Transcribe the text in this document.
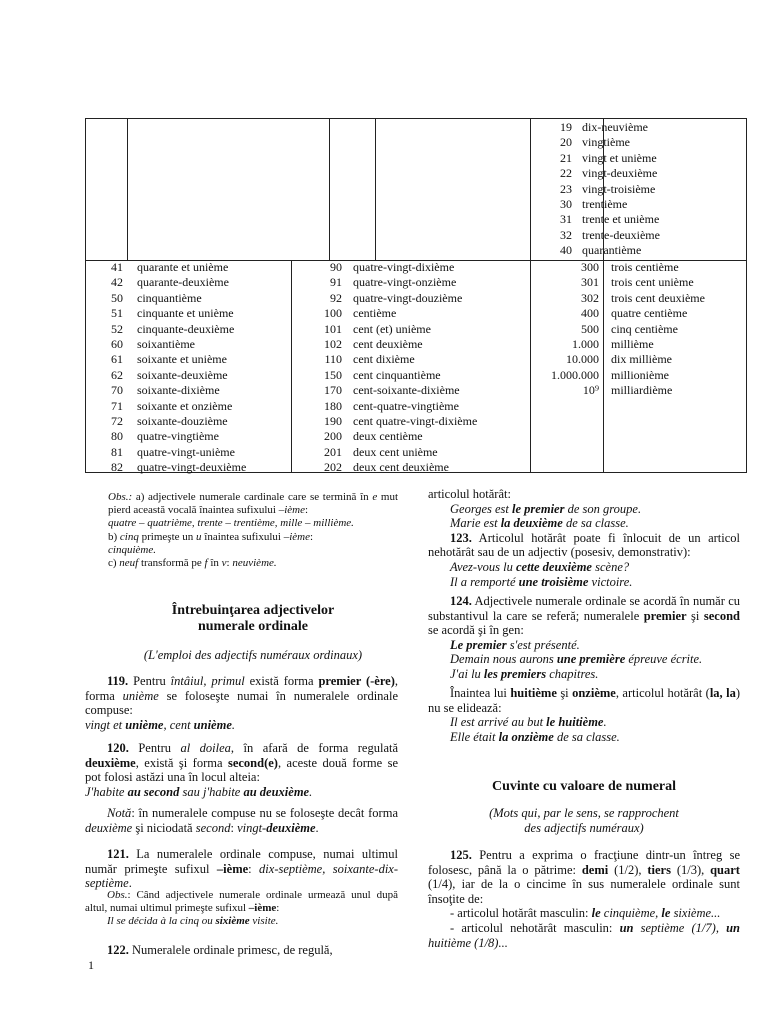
19
20
21
22
23
30
31
32
40
dix-neuvième
vingtième
vingt et unième
vingt-deuxième
vingt-troisième
trentième
trente et unième
trente-deuxième
quarantième
41
42
50
51
52
60
61
62
70
71
72
80
81
82
quarante et unième
quarante-deuxième
cinquantième
cinquante et unième
cinquante-deuxième
soixantième
soixante et unième
soixante-deuxième
soixante-dixième
soixante et onzième
soixante-douzième
quatre-vingtième
quatre-vingt-unième
quatre-vingt-deuxième
90
91
92
100
101
102
110
150
170
180
190
200
201
202
quatre-vingt-dixième
quatre-vingt-onzième
quatre-vingt-douzième
centième
cent (et) unième
cent deuxième
cent dixième
cent cinquantième
cent-soixante-dixième
cent-quatre-vingtième
cent quatre-vingt-dixième
deux centième
deux cent unième
deux cent deuxième
300
301
302
400
500
1.000
10.000
1.000.000
10⁹
trois centième
trois cent unième
trois cent deuxième
quatre centième
cinq centième
millième
dix millième
millionième
milliardième

Obs.: a) adjectivele numerale cardinale care se termină în e mut pierd această vocală înaintea sufixului –ième:

quatre – quatrième, trente – trentième, mille – millième.

b) cinq primeşte un u înaintea sufixului –ième:

cinquième.

c) neuf transformă pe f în v: neuvième.

Întrebuinţarea adjectivelor
numerale ordinale
(L'emploi des adjectifs numéraux ordinaux)

119. Pentru întâiul, primul există forma premier (-ère), forma unième se foloseşte numai în numeralele ordinale compuse:

vingt et unième, cent unième.

120. Pentru al doilea, în afară de forma regulată deuxième, există şi forma second(e), aceste două forme se pot folosi astăzi una în locul alteia:

J'habite au second sau j'habite au deuxième.

Notă: în numeralele compuse nu se foloseşte decât forma deuxième şi niciodată second: vingt-deuxième.

121. La numeralele ordinale compuse, numai ultimul număr primeşte sufixul –ième: dix-septième, soixante-dix-septième.

Obs.: Când adjectivele numerale ordinale urmează unul după altul, numai ultimul primeşte sufixul –ième:

Il se décida à la cinq ou sixième visite.

122. Numeralele ordinale primesc, de regulă,

1

articolul hotărât:

Georges est le premier de son groupe.

Marie est la deuxième de sa classe.

123. Articolul hotărât poate fi înlocuit de un articol nehotărât sau de un adjectiv (posesiv, demonstrativ):

Avez-vous lu cette deuxième scène?

Il a remporté une troisième victoire.

124. Adjectivele numerale ordinale se acordă în număr cu substantivul la care se referă; numeralele premier şi second se acordă şi în gen:

Le premier s'est présenté.

Demain nous aurons une première épreuve écrite.

J'ai lu les premiers chapitres.

Înaintea lui huitième şi onzième, articolul hotărât (la, la) nu se elidează:

Il est arrivé au but le huitième.

Elle était la onzième de sa classe.

Cuvinte cu valoare de numeral
(Mots qui, par le sens, se rapprochent
des adjectifs numéraux)

125. Pentru a exprima o fracţiune dintr-un întreg se folosesc, până la o pătrime: demi (1/2), tiers (1/3), quart (1/4), iar de la o cincime în sus numeralele ordinale sunt însoţite de:

- articolul hotărât masculin: le cinquième, le sixième...

- articolul nehotărât masculin: un septième (1/7), un huitième (1/8)...
